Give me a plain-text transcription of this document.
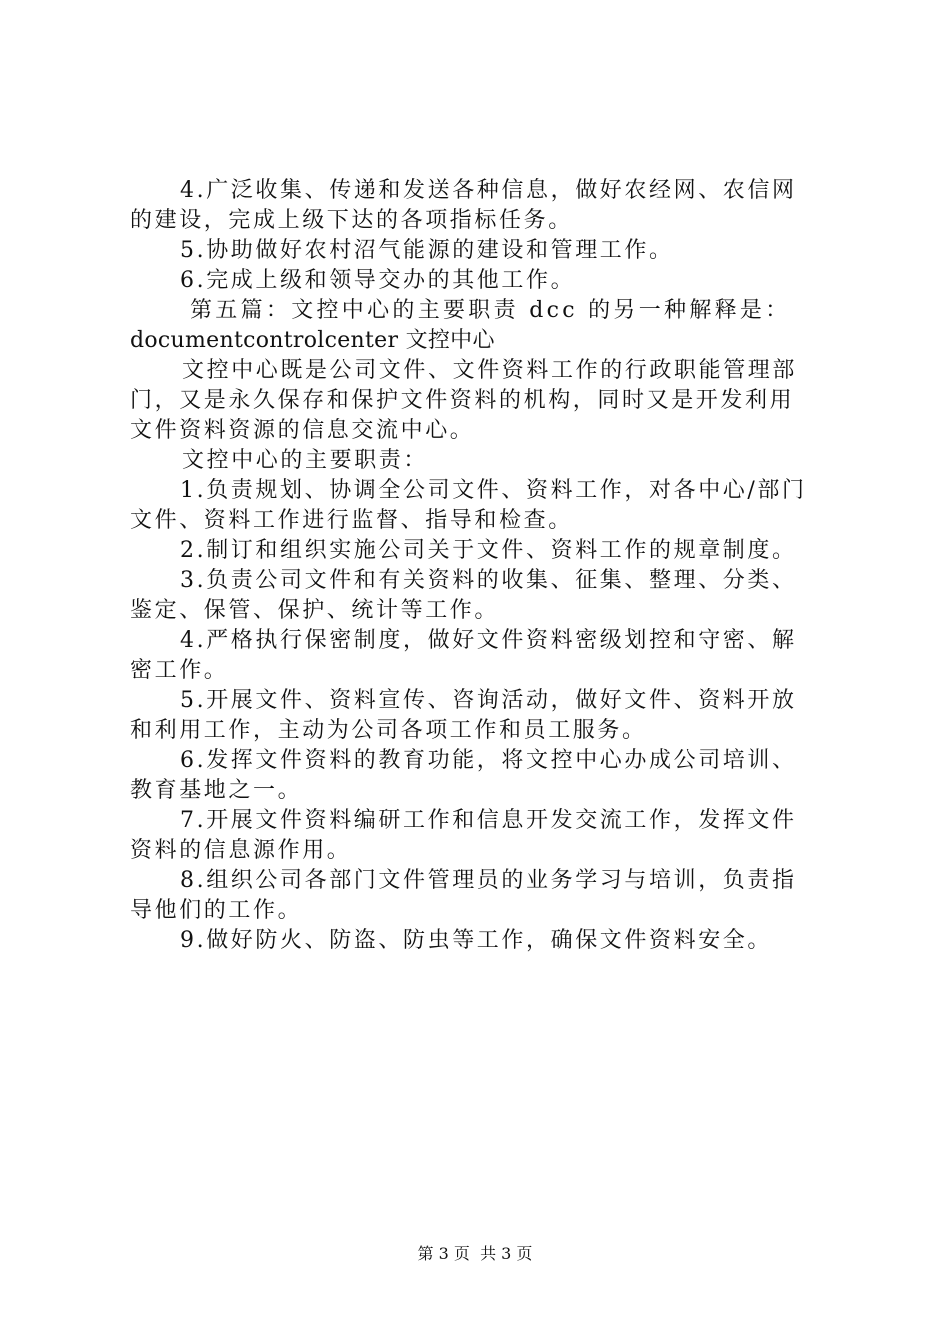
4.广泛收集、传递和发送各种信息，做好农经网、农信网
的建设，完成上级下达的各项指标任务。
5.协助做好农村沼气能源的建设和管理工作。
6.完成上级和领导交办的其他工作。
第五篇：文控中心的主要职责 dcc 的另一种解释是：
documentcontrolcenter 文控中心
文控中心既是公司文件、文件资料工作的行政职能管理部
门，又是永久保存和保护文件资料的机构，同时又是开发利用
文件资料资源的信息交流中心。
文控中心的主要职责：
1.负责规划、协调全公司文件、资料工作，对各中心/部门
文件、资料工作进行监督、指导和检查。
2.制订和组织实施公司关于文件、资料工作的规章制度。
3.负责公司文件和有关资料的收集、征集、整理、分类、
鉴定、保管、保护、统计等工作。
4.严格执行保密制度，做好文件资料密级划控和守密、解
密工作。
5.开展文件、资料宣传、咨询活动，做好文件、资料开放
和利用工作，主动为公司各项工作和员工服务。
6.发挥文件资料的教育功能，将文控中心办成公司培训、
教育基地之一。
7.开展文件资料编研工作和信息开发交流工作，发挥文件
资料的信息源作用。
8.组织公司各部门文件管理员的业务学习与培训，负责指
导他们的工作。
9.做好防火、防盗、防虫等工作，确保文件资料安全。
第 3 页  共 3 页
